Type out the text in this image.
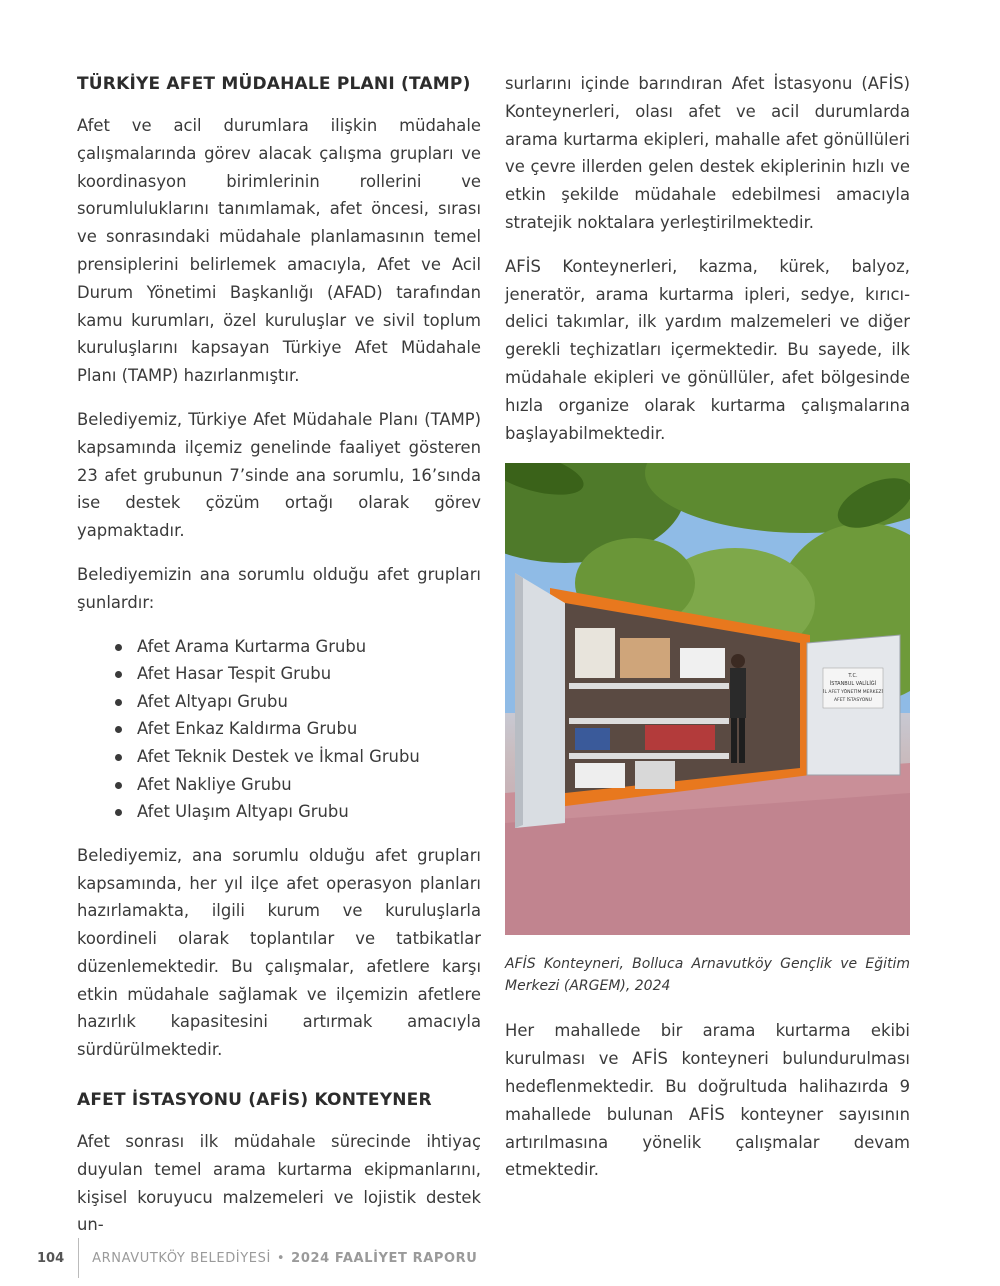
TÜRKİYE AFET MÜDAHALE PLANI (TAMP)

Afet ve acil durumlara ilişkin müdahale çalışmalarında görev alacak çalışma grupları ve koordinasyon birimlerinin rollerini ve sorumluluklarını tanımlamak, afet öncesi, sırası ve sonrasındaki müdahale planlamasının temel prensiplerini belirlemek amacıyla, Afet ve Acil Durum Yönetimi Başkanlığı (AFAD) tarafından kamu kurumları, özel kuruluşlar ve sivil toplum kuruluşlarını kapsayan Türkiye Afet Müdahale Planı (TAMP) hazırlanmıştır.

Belediyemiz, Türkiye Afet Müdahale Planı (TAMP) kapsamında ilçemiz genelinde faaliyet gösteren 23 afet grubunun 7’sinde ana sorumlu, 16’sında ise destek çözüm ortağı olarak görev yapmaktadır.

Belediyemizin ana sorumlu olduğu afet grupları şunlardır:

Afet Arama Kurtarma Grubu
Afet Hasar Tespit Grubu
Afet Altyapı Grubu
Afet Enkaz Kaldırma Grubu
Afet Teknik Destek ve İkmal Grubu
Afet Nakliye Grubu
Afet Ulaşım Altyapı Grubu

Belediyemiz, ana sorumlu olduğu afet grupları kapsamında, her yıl ilçe afet operasyon planları hazırlamakta, ilgili kurum ve kuruluşlarla koordineli olarak toplantılar ve tatbikatlar düzenlemektedir. Bu çalışmalar, afetlere karşı etkin müdahale sağlamak ve ilçemizin afetlere hazırlık kapasitesini artırmak amacıyla sürdürülmektedir.

AFET İSTASYONU (AFİS) KONTEYNER

Afet sonrası ilk müdahale sürecinde ihtiyaç duyulan temel arama kurtarma ekipmanlarını, kişisel koruyucu malzemeleri ve lojistik destek un-

surlarını içinde barındıran Afet İstasyonu (AFİS) Konteynerleri, olası afet ve acil durumlarda arama kurtarma ekipleri, mahalle afet gönüllüleri ve çevre illerden gelen destek ekiplerinin hızlı ve etkin şekilde müdahale edebilmesi amacıyla stratejik noktalara yerleştirilmektedir.

AFİS Konteynerleri, kazma, kürek, balyoz, jeneratör, arama kurtarma ipleri, sedye, kırıcı-delici takımlar, ilk yardım malzemeleri ve diğer gerekli teçhizatları içermektedir. Bu sayede, ilk müdahale ekipleri ve gönüllüler, afet bölgesinde hızla organize olarak kurtarma çalışmalarına başlayabilmektedir.

T.C.
İSTANBUL VALİLİĞİ
İL AFET YÖNETİM MERKEZİ
AFET İSTASYONU

AFİS Konteyneri, Bolluca Arnavutköy Gençlik ve Eğitim Merkezi (ARGEM), 2024

Her mahallede bir arama kurtarma ekibi kurulması ve AFİS konteyneri bulundurulması hedeflenmektedir. Bu doğrultuda halihazırda 9 mahallede bulunan AFİS konteyner sayısının artırılmasına yönelik çalışmalar devam etmektedir.

104 ARNAVUTKÖY BELEDİYESİ • 2024 FAALİYET RAPORU
